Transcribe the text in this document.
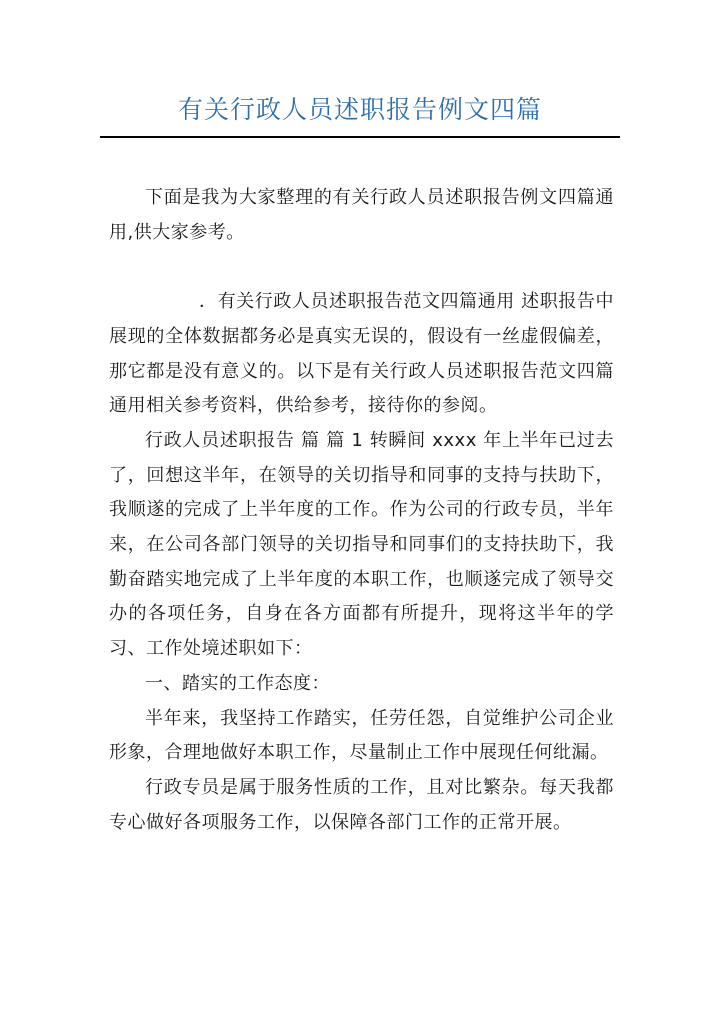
有关行政人员述职报告例文四篇

下面是我为大家整理的有关行政人员述职报告例文四篇通用,供大家参考。

．有关行政人员述职报告范文四篇通用 述职报告中展现的全体数据都务必是真实无误的，假设有一丝虚假偏差，那它都是没有意义的。以下是有关行政人员述职报告范文四篇通用相关参考资料，供给参考，接待你的参阅。

行政人员述职报告 篇 篇 1 转瞬间 xxxx 年上半年已过去了，回想这半年，在领导的关切指导和同事的支持与扶助下，我顺遂的完成了上半年度的工作。作为公司的行政专员，半年来，在公司各部门领导的关切指导和同事们的支持扶助下，我勤奋踏实地完成了上半年度的本职工作，也顺遂完成了领导交办的各项任务，自身在各方面都有所提升，现将这半年的学习、工作处境述职如下：

一、踏实的工作态度：

半年来，我坚持工作踏实，任劳任怨，自觉维护公司企业形象，合理地做好本职工作，尽量制止工作中展现任何纰漏。

行政专员是属于服务性质的工作，且对比繁杂。每天我都专心做好各项服务工作，以保障各部门工作的正常开展。
